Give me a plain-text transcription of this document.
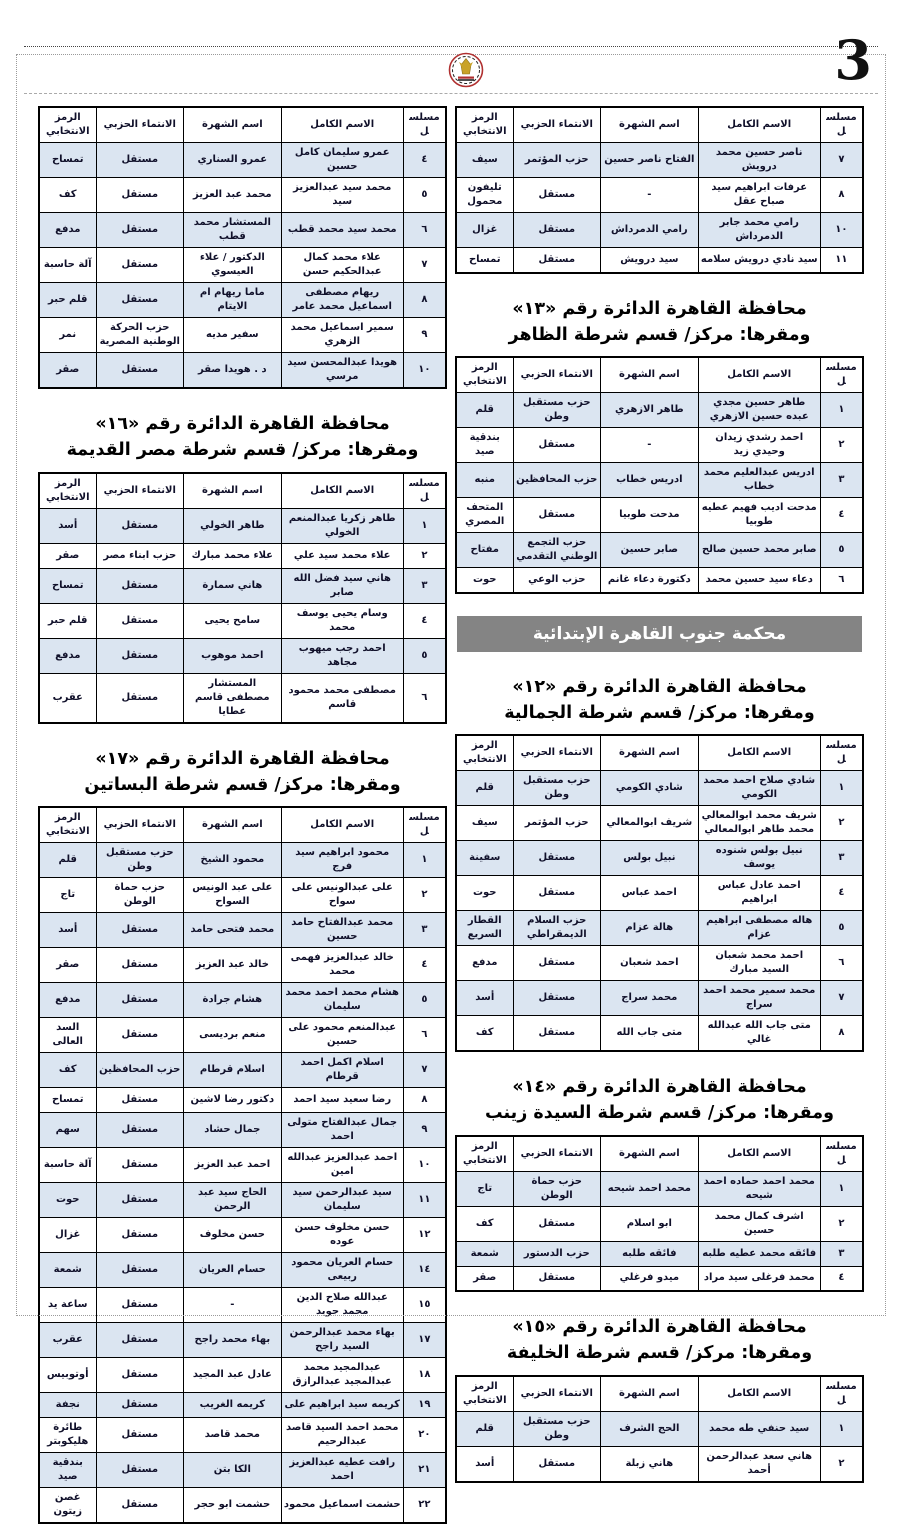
3
مسلسل	الاسم الكامل	اسم الشهرة	الانتماء الحزبي	الرمز الانتخابي
٧	ناصر حسين محمد درويش	الفتاح ناصر حسين	حزب المؤتمر	سيف
٨	عرفات ابراهيم سيد صباح عقل	-	مستقل	تليفون محمول
١٠	رامي محمد جابر الدمرداش	رامي الدمرداش	مستقل	غزال
١١	سيد نادي درويش سلامه	سيد درويش	مستقل	تمساح
محافظة القاهرة الدائرة رقم «١٣»
ومقرها: مركز/ قسم شرطة الظاهر
مسلسل	الاسم الكامل	اسم الشهرة	الانتماء الحزبي	الرمز الانتخابي
١	طاهر حسين مجدي عبده حسين الازهري	طاهر الازهري	حزب مستقبل وطن	قلم
٢	احمد رشدي زيدان وحيدي زيد	-	مستقل	بندقية صيد
٣	ادريس عبدالعليم محمد خطاب	ادريس خطاب	حزب المحافظين	منبه
٤	مدحت اديب فهيم عطيه طوبيا	مدحت طوبيا	مستقل	المتحف المصري
٥	صابر محمد حسين صالح	صابر حسين	حزب التجمع الوطني التقدمي	مفتاح
٦	دعاء سيد حسين محمد	دكتورة دعاء غانم	حزب الوعي	حوت
محكمة جنوب القاهرة الإبتدائية
محافظة القاهرة الدائرة رقم «١٢»
ومقرها: مركز/ قسم شرطة الجمالية
مسلسل	الاسم الكامل	اسم الشهرة	الانتماء الحزبي	الرمز الانتخابي
١	شادي صلاح احمد محمد الكومي	شادي الكومي	حزب مستقبل وطن	قلم
٢	شريف محمد ابوالمعالي محمد طاهر ابوالمعالي	شريف ابوالمعالي	حزب المؤتمر	سيف
٣	نبيل بولس شنوده يوسف	نبيل بولس	مستقل	سفينة
٤	احمد عادل عباس ابراهيم	احمد عباس	مستقل	حوت
٥	هاله مصطفى ابراهيم عزام	هالة عزام	حزب السلام الديمقراطي	القطار السريع
٦	احمد محمد شعبان السيد مبارك	احمد شعبان	مستقل	مدفع
٧	محمد سمير محمد احمد سراج	محمد سراج	مستقل	أسد
٨	متى جاب الله عبدالله غالي	متى جاب الله	مستقل	كف
محافظة القاهرة الدائرة رقم «١٤»
ومقرها: مركز/ قسم شرطة السيدة زينب
مسلسل	الاسم الكامل	اسم الشهرة	الانتماء الحزبي	الرمز الانتخابي
١	محمد احمد حماده احمد شيحه	محمد احمد شيحه	حزب حماة الوطن	تاج
٢	اشرف كمال محمد حسين	ابو اسلام	مستقل	كف
٣	فائقه محمد عطيه طلبه	فائقه طلبه	حزب الدستور	شمعة
٤	محمد فرغلى سيد مراد	ميدو فرغلي	مستقل	صقر
محافظة القاهرة الدائرة رقم «١٥»
ومقرها: مركز/ قسم شرطة الخليفة
مسلسل	الاسم الكامل	اسم الشهرة	الانتماء الحزبي	الرمز الانتخابي
١	سيد حنفي طه محمد	الحج الشرف	حزب مستقبل وطن	قلم
٢	هاني سعد عبدالرحمن أحمد	هاني زبلة	مستقل	أسد
مسلسل	الاسم الكامل	اسم الشهرة	الانتماء الحزبي	الرمز الانتخابي
٤	عمرو سليمان كامل حسين	عمرو السناري	مستقل	تمساح
٥	محمد سيد عبدالعزيز سيد	محمد عبد العزيز	مستقل	كف
٦	محمد سيد محمد قطب	المستشار محمد قطب	مستقل	مدفع
٧	علاء محمد كمال عبدالحكيم حسن	الدكتور / علاء العيسوي	مستقل	آلة حاسبة
٨	ريهام مصطفى اسماعيل محمد عامر	ماما ريهام ام الايتام	مستقل	قلم حبر
٩	سمير اسماعيل محمد الزهري	سفير مديه	حزب الحركة الوطنية المصرية	نمر
١٠	هويدا عبدالمحسن سيد مرسي	د . هويدا صقر	مستقل	صقر
محافظة القاهرة الدائرة رقم «١٦»
ومقرها: مركز/ قسم شرطة مصر القديمة
مسلسل	الاسم الكامل	اسم الشهرة	الانتماء الحزبي	الرمز الانتخابي
١	طاهر زكريا عبدالمنعم الخولي	طاهر الخولي	مستقل	أسد
٢	علاء محمد سيد علي	علاء محمد مبارك	حزب ابناء مصر	صقر
٣	هاني سيد فضل الله صابر	هاني سمارة	مستقل	تمساح
٤	وسام يحيى يوسف محمد	سامح يحيى	مستقل	قلم حبر
٥	احمد رجب ميهوب مجاهد	احمد موهوب	مستقل	مدفع
٦	مصطفى محمد محمود قاسم	المستشار مصطفى قاسم عطايا	مستقل	عقرب
محافظة القاهرة الدائرة رقم «١٧»
ومقرها: مركز/ قسم شرطة البساتين
مسلسل	الاسم الكامل	اسم الشهرة	الانتماء الحزبي	الرمز الانتخابي
١	محمود ابراهيم سيد فرج	محمود الشيخ	حزب مستقبل وطن	قلم
٢	على عبدالونيس على سواح	على عبد الونيس السواح	حزب حماة الوطن	تاج
٣	محمد عبدالفتاح حامد حسين	محمد فتحى حامد	مستقل	أسد
٤	خالد عبدالعزيز فهمى محمد	خالد عبد العزيز	مستقل	صقر
٥	هشام محمد احمد محمد سليمان	هشام جرادة	مستقل	مدفع
٦	عبدالمنعم محمود على حسين	منعم برديسى	مستقل	السد العالى
٧	اسلام اكمل احمد قرطام	اسلام قرطام	حزب المحافظين	كف
٨	رضا سعيد سيد احمد	دكتور رضا لاشين	مستقل	تمساح
٩	جمال عبدالفتاح متولى احمد	جمال حشاد	مستقل	سهم
١٠	احمد عبدالعزيز عبدالله امين	احمد عبد العزيز	مستقل	آلة حاسبة
١١	سيد عبدالرحمن سيد سليمان	الحاج سيد عبد الرحمن	مستقل	حوت
١٢	حسن مخلوف حسن عوده	حسن مخلوف	مستقل	غزال
١٤	حسام العريان محمود ربيعى	حسام العريان	مستقل	شمعة
١٥	عبدالله صلاح الدين محمد جويد	-	مستقل	ساعة يد
١٧	بهاء محمد عبدالرحمن السيد راجح	بهاء محمد راجح	مستقل	عقرب
١٨	عبدالمجيد محمد عبدالمجيد عبدالرازق	عادل عبد المجيد	مستقل	أوتوبيس
١٩	كريمه سيد ابراهيم على	كريمه الغريب	مستقل	نجفة
٢٠	محمد احمد السيد قاصد عبدالرحيم	محمد قاصد	مستقل	طائرة هليكوبتر
٢١	رافت عطيه عبدالعزيز احمد	الكا بتن	مستقل	بندقية صيد
٢٢	حشمت اسماعيل محمود	حشمت ابو حجر	مستقل	غصن زيتون
